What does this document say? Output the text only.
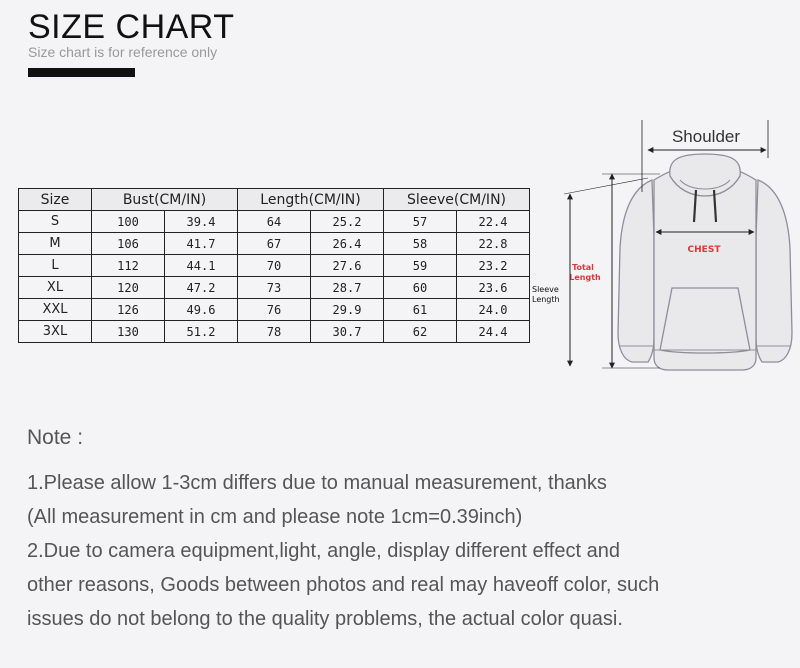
SIZE CHART
Size chart is for reference only
Size	Bust(CM/IN)		Length(CM/IN)		Sleeve(CM/IN)	
S	100	39.4	64	25.2	57	22.4
M	106	41.7	67	26.4	58	22.8
L	112	44.1	70	27.6	59	23.2
XL	120	47.2	73	28.7	60	23.6
XXL	126	49.6	76	29.9	61	24.0
3XL	130	51.2	78	30.7	62	24.4
Shoulder
CHEST
Total
Length
Sleeve
Length
Note :
1.Please allow 1-3cm differs due to manual measurement, thanks
(All measurement in cm and please note 1cm=0.39inch)
2.Due to camera equipment,light, angle, display different effect and
other reasons, Goods between photos and real may haveoff color, such
issues do not belong to the quality problems, the actual color quasi.
